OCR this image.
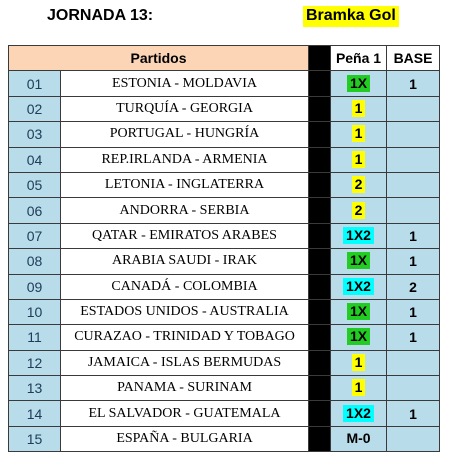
JORNADA 13:	Bramka Gol
Partidos			Peña 1	BASE
01	ESTONIA - MOLDAVIA		1X	1
02	TURQUÍA - GEORGIA		1	
03	PORTUGAL - HUNGRÍA		1	
04	REP.IRLANDA - ARMENIA		1	
05	LETONIA - INGLATERRA		2	
06	ANDORRA - SERBIA		2	
07	QATAR - EMIRATOS ARABES		1X2	1
08	ARABIA SAUDI - IRAK		1X	1
09	CANADÁ - COLOMBIA		1X2	2
10	ESTADOS UNIDOS - AUSTRALIA		1X	1
11	CURAZAO - TRINIDAD Y TOBAGO		1X	1
12	JAMAICA - ISLAS BERMUDAS		1	
13	PANAMA - SURINAM		1	
14	EL SALVADOR - GUATEMALA		1X2	1
15	ESPAÑA - BULGARIA		M-0	
